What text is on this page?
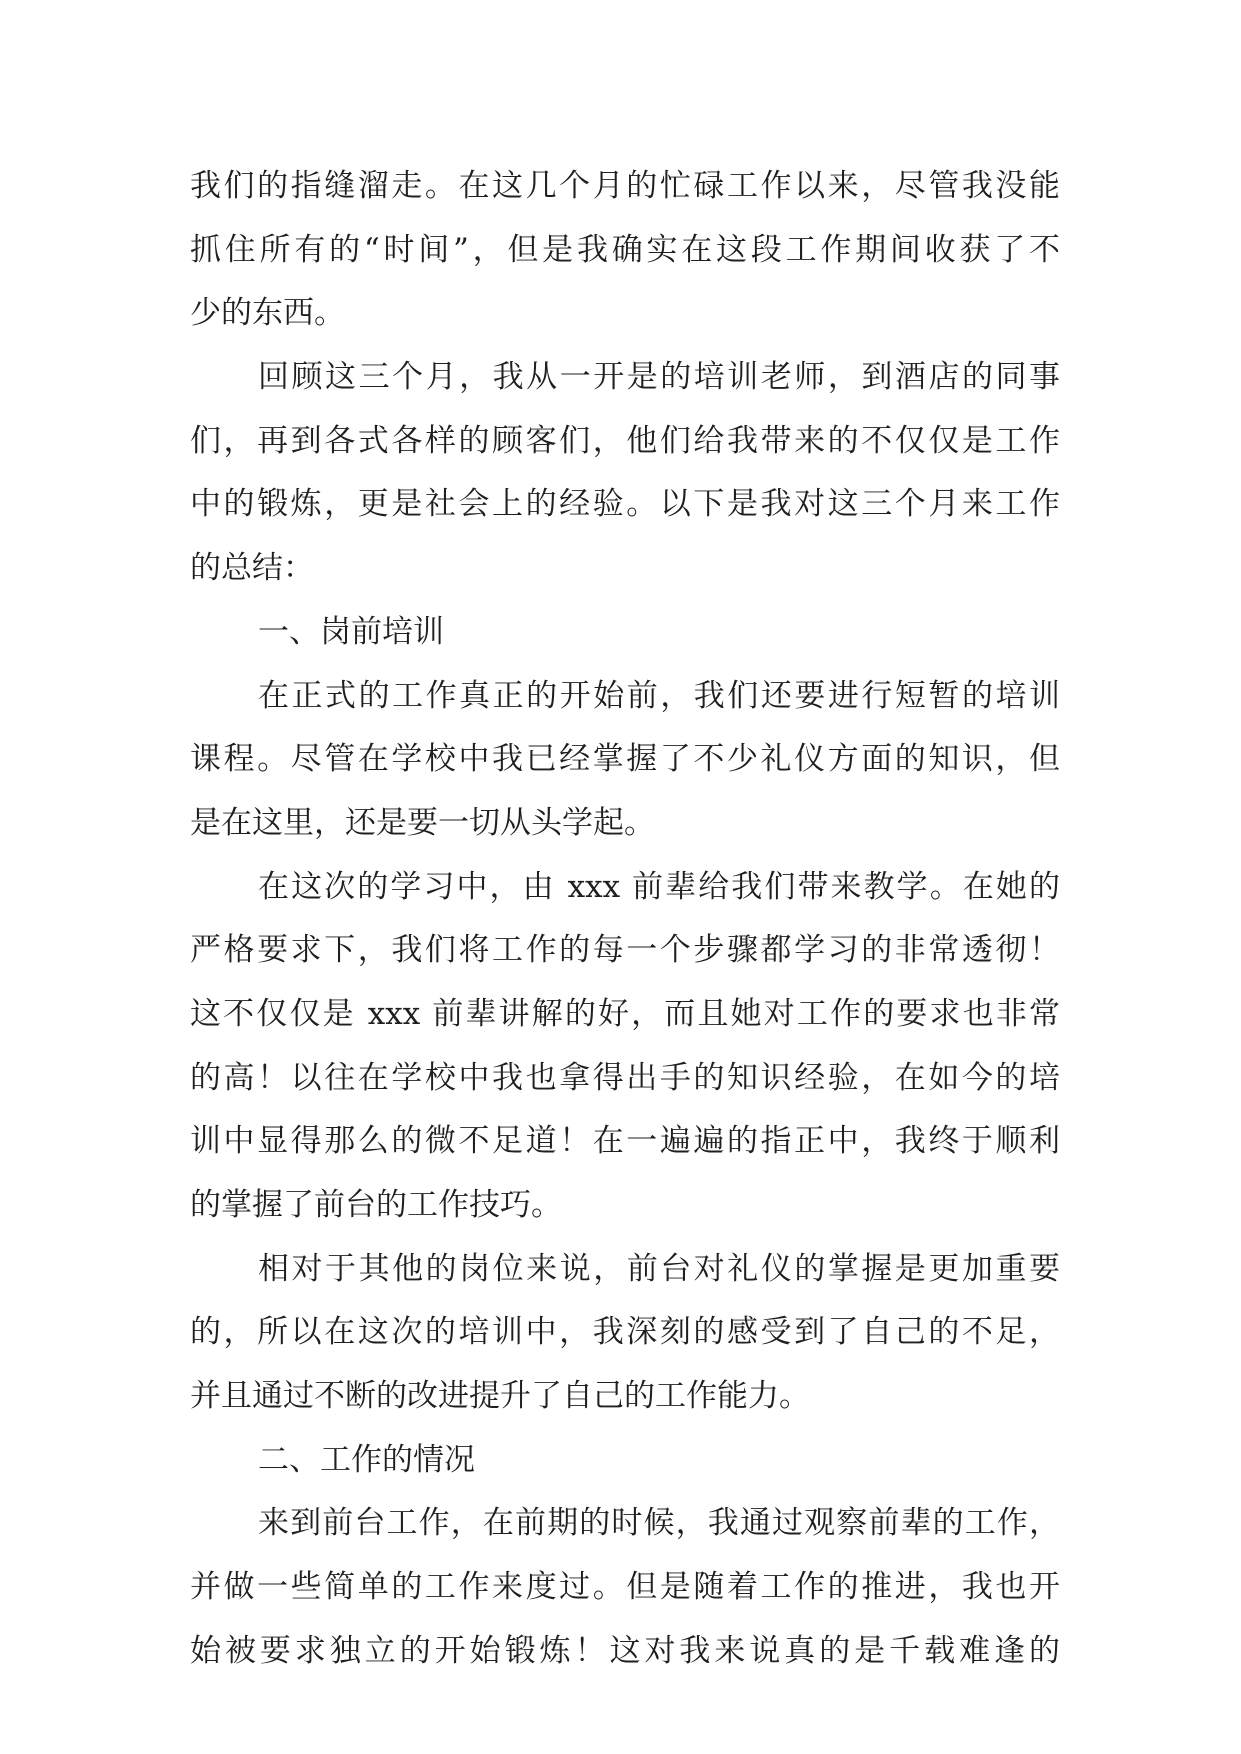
我们的指缝溜走。在这几个月的忙碌工作以来，尽管我没能

抓住所有的“时间”，但是我确实在这段工作期间收获了不

少的东西。

回顾这三个月，我从一开是的培训老师，到酒店的同事

们，再到各式各样的顾客们，他们给我带来的不仅仅是工作

中的锻炼，更是社会上的经验。以下是我对这三个月来工作

的总结：

一、岗前培训

在正式的工作真正的开始前，我们还要进行短暂的培训

课程。尽管在学校中我已经掌握了不少礼仪方面的知识，但

是在这里，还是要一切从头学起。

在这次的学习中，由 xxx 前辈给我们带来教学。在她的

严格要求下，我们将工作的每一个步骤都学习的非常透彻！

这不仅仅是 xxx 前辈讲解的好，而且她对工作的要求也非常

的高！以往在学校中我也拿得出手的知识经验，在如今的培

训中显得那么的微不足道！在一遍遍的指正中，我终于顺利

的掌握了前台的工作技巧。

相对于其他的岗位来说，前台对礼仪的掌握是更加重要

的，所以在这次的培训中，我深刻的感受到了自己的不足，

并且通过不断的改进提升了自己的工作能力。

二、工作的情况

来到前台工作，在前期的时候，我通过观察前辈的工作，

并做一些简单的工作来度过。但是随着工作的推进，我也开

始被要求独立的开始锻炼！这对我来说真的是千载难逢的
